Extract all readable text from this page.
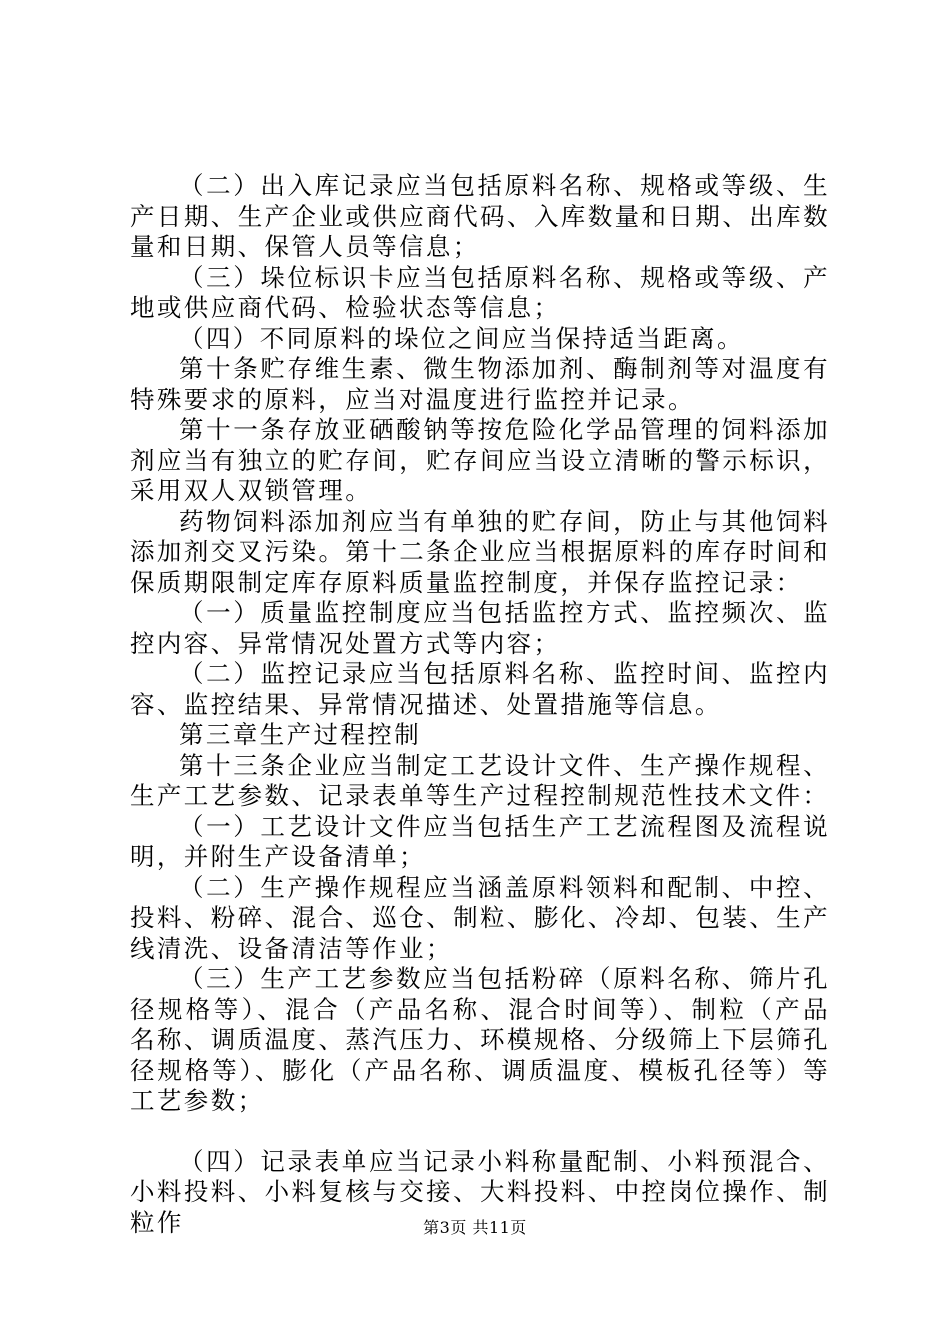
（二）出入库记录应当包括原料名称、规格或等级、生产日期、生产企业或供应商代码、入库数量和日期、出库数量和日期、保管人员等信息；

（三）垛位标识卡应当包括原料名称、规格或等级、产地或供应商代码、检验状态等信息；

（四）不同原料的垛位之间应当保持适当距离。

第十条贮存维生素、微生物添加剂、酶制剂等对温度有特殊要求的原料，应当对温度进行监控并记录。

第十一条存放亚硒酸钠等按危险化学品管理的饲料添加剂应当有独立的贮存间，贮存间应当设立清晰的警示标识，采用双人双锁管理。

药物饲料添加剂应当有单独的贮存间，防止与其他饲料添加剂交叉污染。第十二条企业应当根据原料的库存时间和保质期限制定库存原料质量监控制度，并保存监控记录：

（一）质量监控制度应当包括监控方式、监控频次、监控内容、异常情况处置方式等内容；

（二）监控记录应当包括原料名称、监控时间、监控内容、监控结果、异常情况描述、处置措施等信息。

第三章生产过程控制

第十三条企业应当制定工艺设计文件、生产操作规程、生产工艺参数、记录表单等生产过程控制规范性技术文件：

（一）工艺设计文件应当包括生产工艺流程图及流程说明，并附生产设备清单；

（二）生产操作规程应当涵盖原料领料和配制、中控、投料、粉碎、混合、巡仓、制粒、膨化、冷却、包装、生产线清洗、设备清洁等作业；

（三）生产工艺参数应当包括粉碎（原料名称、筛片孔径规格等）、混合（产品名称、混合时间等）、制粒（产品名称、调质温度、蒸汽压力、环模规格、分级筛上下层筛孔径规格等）、膨化（产品名称、调质温度、模板孔径等）等工艺参数；

（四）记录表单应当记录小料称量配制、小料预混合、小料投料、小料复核与交接、大料投料、中控岗位操作、制粒作	第3页 共11页
